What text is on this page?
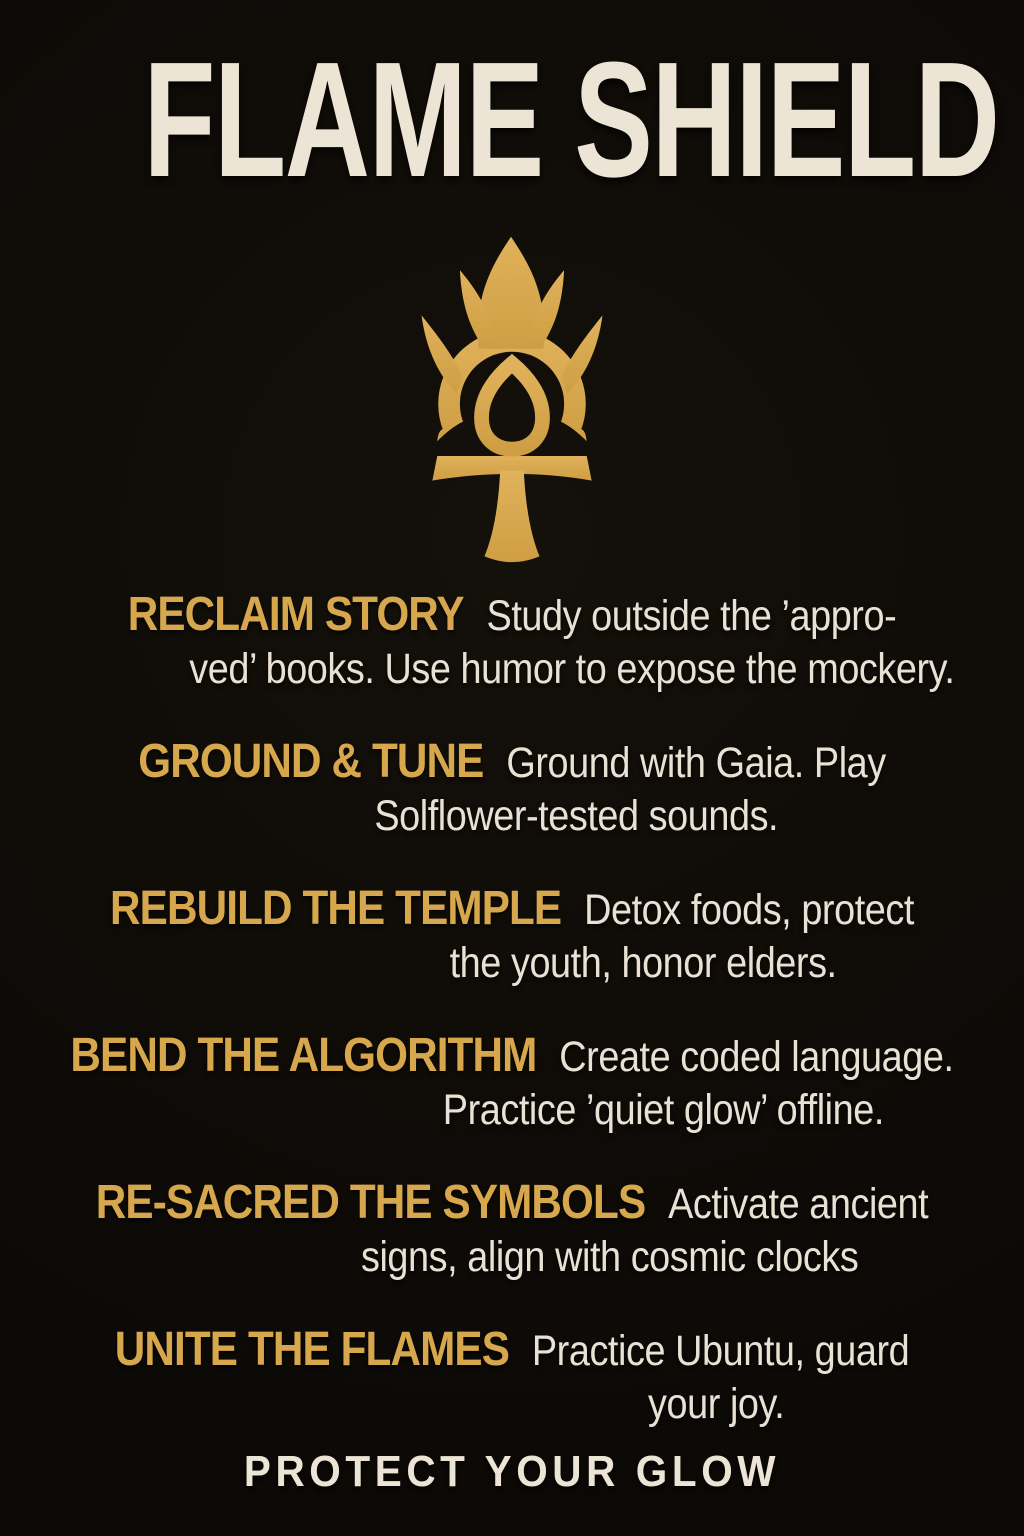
FLAME SHIELD

RECLAIM STORY Study outside the ’appro-
ved’ books. Use humor to expose the mockery.

GROUND & TUNE Ground with Gaia. Play
Solflower-tested sounds.

REBUILD THE TEMPLE Detox foods, protect
the youth, honor elders.

BEND THE ALGORITHM Create coded language.
Practice ’quiet glow’ offline.

RE-SACRED THE SYMBOLS Activate ancient
signs, align with cosmic clocks

UNITE THE FLAMES Practice Ubuntu, guard
your joy.

PROTECT YOUR GLOW
